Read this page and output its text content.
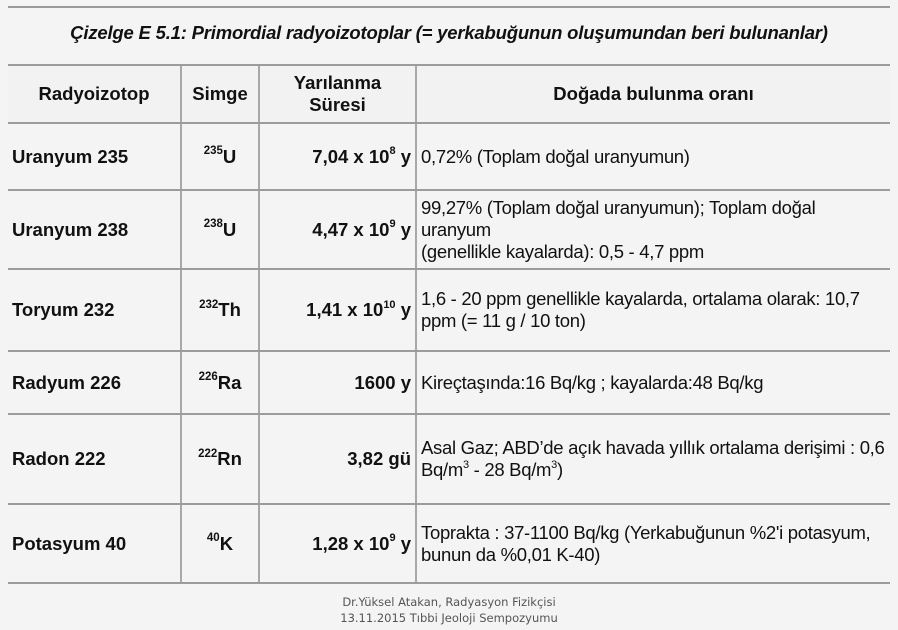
Çizelge E 5.1: Primordial radyoizotoplar (= yerkabuğunun oluşumundan beri bulunanlar)
Radyoizotop	Simge	Yarılanma Süresi	Doğada bulunma oranı
Uranyum 235	$^{235}$U	7,04 x $10^8$ y	0,72% (Toplam doğal uranyumun)

Uranyum 238	$^{238}$U	4,47 x $10^9$ y	99,27% (Toplam doğal uranyumun); Toplam doğal uranyum
(genellikle kayalarda): 0,5 - 4,7 ppm

Toryum 232	$^{232}$Th	1,41 x $10^{10}$ y	1,6 - 20 ppm genellikle kayalarda, ortalama olarak: 10,7
ppm (= 11 g / 10 ton)

Radyum 226	$^{226}$Ra	1600 y	Kireçtaşında:16 Bq/kg ; kayalarda:48 Bq/kg

Radon 222	$^{222}$Rn	3,82 gü	Asal Gaz; ABD’de açık havada yıllık ortalama derişimi : 0,6
$Bq/m^3 - 28$ $Bq/m^3$)

Potasyum 40	$^{40}$K	1,28 x $10^9$ y	Toprakta : 37-1100 Bq/kg (Yerkabuğunun %2'i potasyum,
bunun da %0,01 K-40)
Dr.Yüksel Atakan, Radyasyon Fizikçisi
13.11.2015 Tıbbi Jeoloji Sempozyumu
